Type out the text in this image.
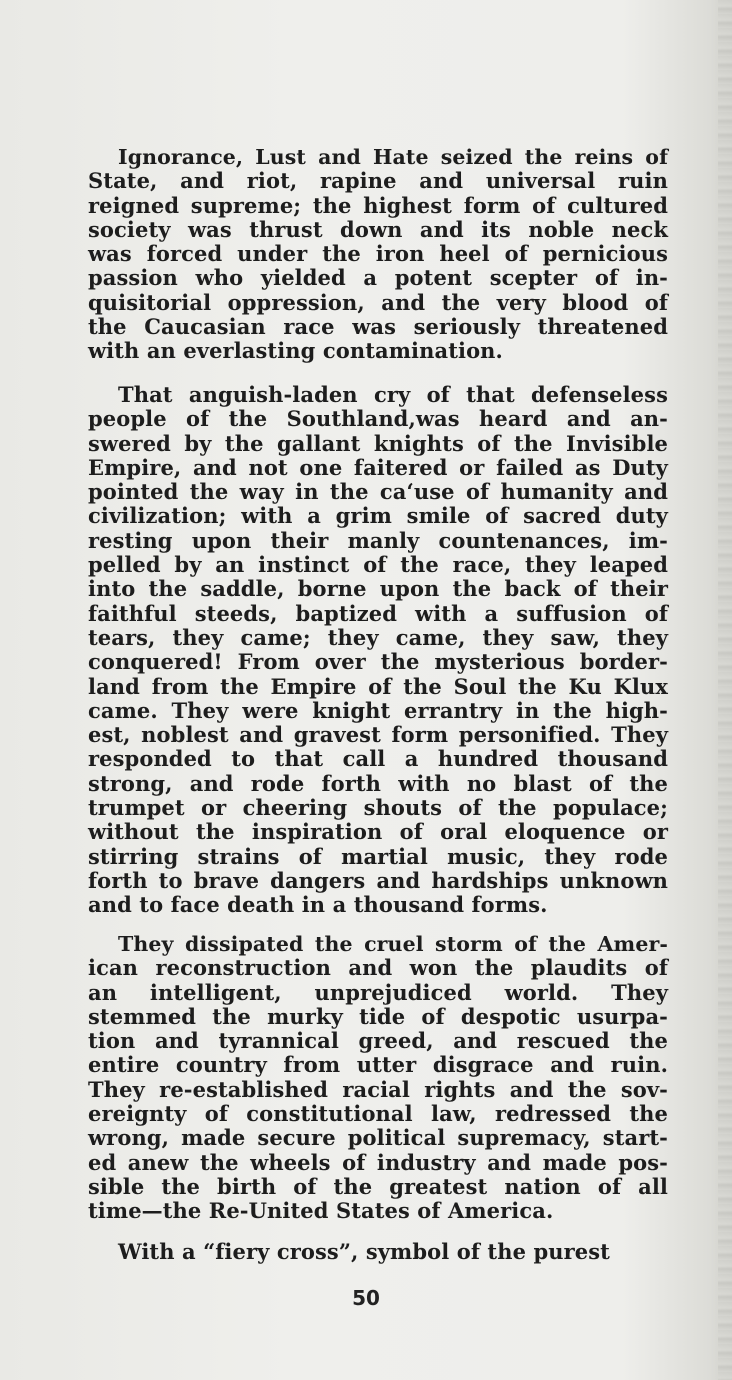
Ignorance, Lust and Hate seized the reins of
State, and riot, rapine and universal ruin
reigned supreme; the highest form of cultured
society was thrust down and its noble neck
was forced under the iron heel of pernicious
passion who yielded a potent scepter of in-
quisitorial oppression, and the very blood of
the Caucasian race was seriously threatened
with an everlasting contamination.
That anguish-laden cry of that defenseless
people of the Southland,was heard and an-
swered by the gallant knights of the Invisible
Empire, and not one faitered or failed as Duty
pointed the way in the caʻuse of humanity and
civilization; with a grim smile of sacred duty
resting upon their manly countenances, im-
pelled by an instinct of the race, they leaped
into the saddle, borne upon the back of their
faithful steeds, baptized with a suffusion of
tears, they came; they came, they saw, they
conquered! From over the mysterious border-
land from the Empire of the Soul the Ku Klux
came. They were knight errantry in the high-
est, noblest and gravest form personified. They
responded to that call a hundred thousand
strong, and rode forth with no blast of the
trumpet or cheering shouts of the populace;
without the inspiration of oral eloquence or
stirring strains of martial music, they rode
forth to brave dangers and hardships unknown
and to face death in a thousand forms.
They dissipated the cruel storm of the Amer-
ican reconstruction and won the plaudits of
an intelligent, unprejudiced world. They
stemmed the murky tide of despotic usurpa-
tion and tyrannical greed, and rescued the
entire country from utter disgrace and ruin.
They re-established racial rights and the sov-
ereignty of constitutional law, redressed the
wrong, made secure political supremacy, start-
ed anew the wheels of industry and made pos-
sible the birth of the greatest nation of all
time—the Re-United States of America.
With a “fiery cross”, symbol of the purest
50
